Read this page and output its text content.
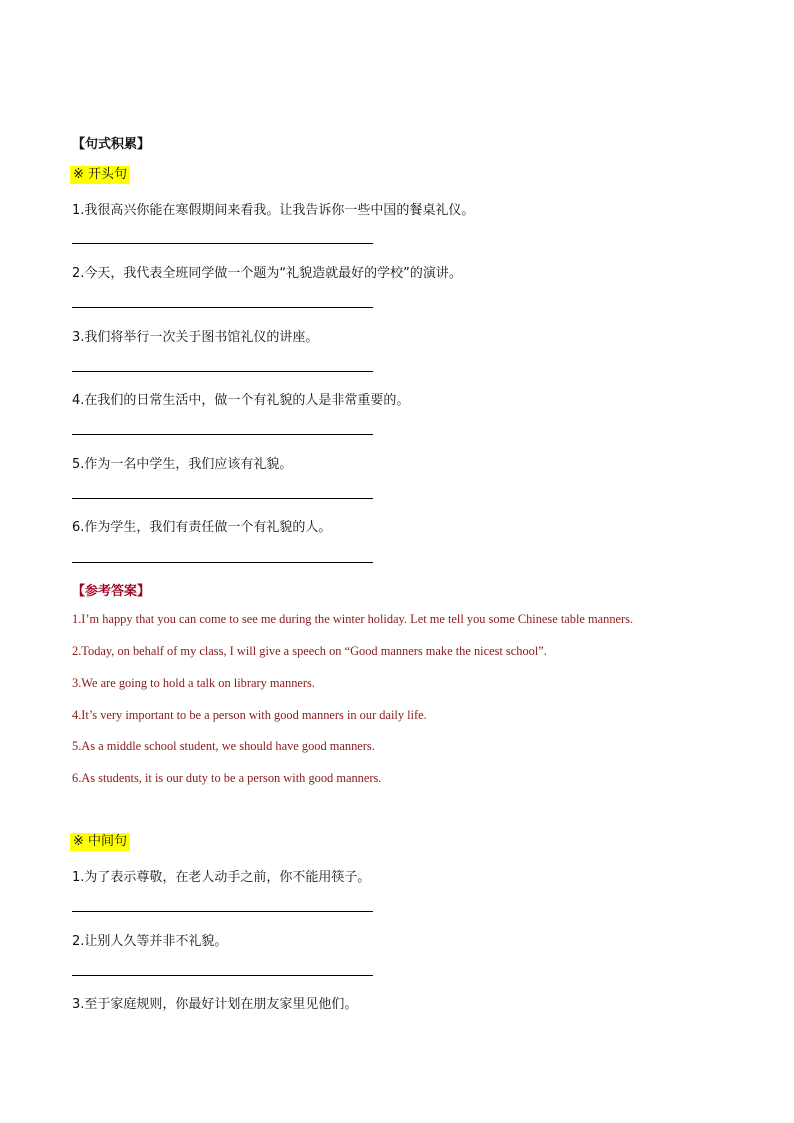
【句式积累】
※ 开头句
1.我很高兴你能在寒假期间来看我。让我告诉你一些中国的餐桌礼仪。
2.今天，我代表全班同学做一个题为“礼貌造就最好的学校”的演讲。
3.我们将举行一次关于图书馆礼仪的讲座。
4.在我们的日常生活中，做一个有礼貌的人是非常重要的。
5.作为一名中学生，我们应该有礼貌。
6.作为学生，我们有责任做一个有礼貌的人。
【参考答案】
1.I’m happy that you can come to see me during the winter holiday. Let me tell you some Chinese table manners.
2.Today, on behalf of my class, I will give a speech on “Good manners make the nicest school”.
3.We are going to hold a talk on library manners.
4.It’s very important to be a person with good manners in our daily life.
5.As a middle school student, we should have good manners.
6.As students, it is our duty to be a person with good manners.
※ 中间句
1.为了表示尊敬，在老人动手之前，你不能用筷子。
2.让别人久等并非不礼貌。
3.至于家庭规则，你最好计划在朋友家里见他们。
